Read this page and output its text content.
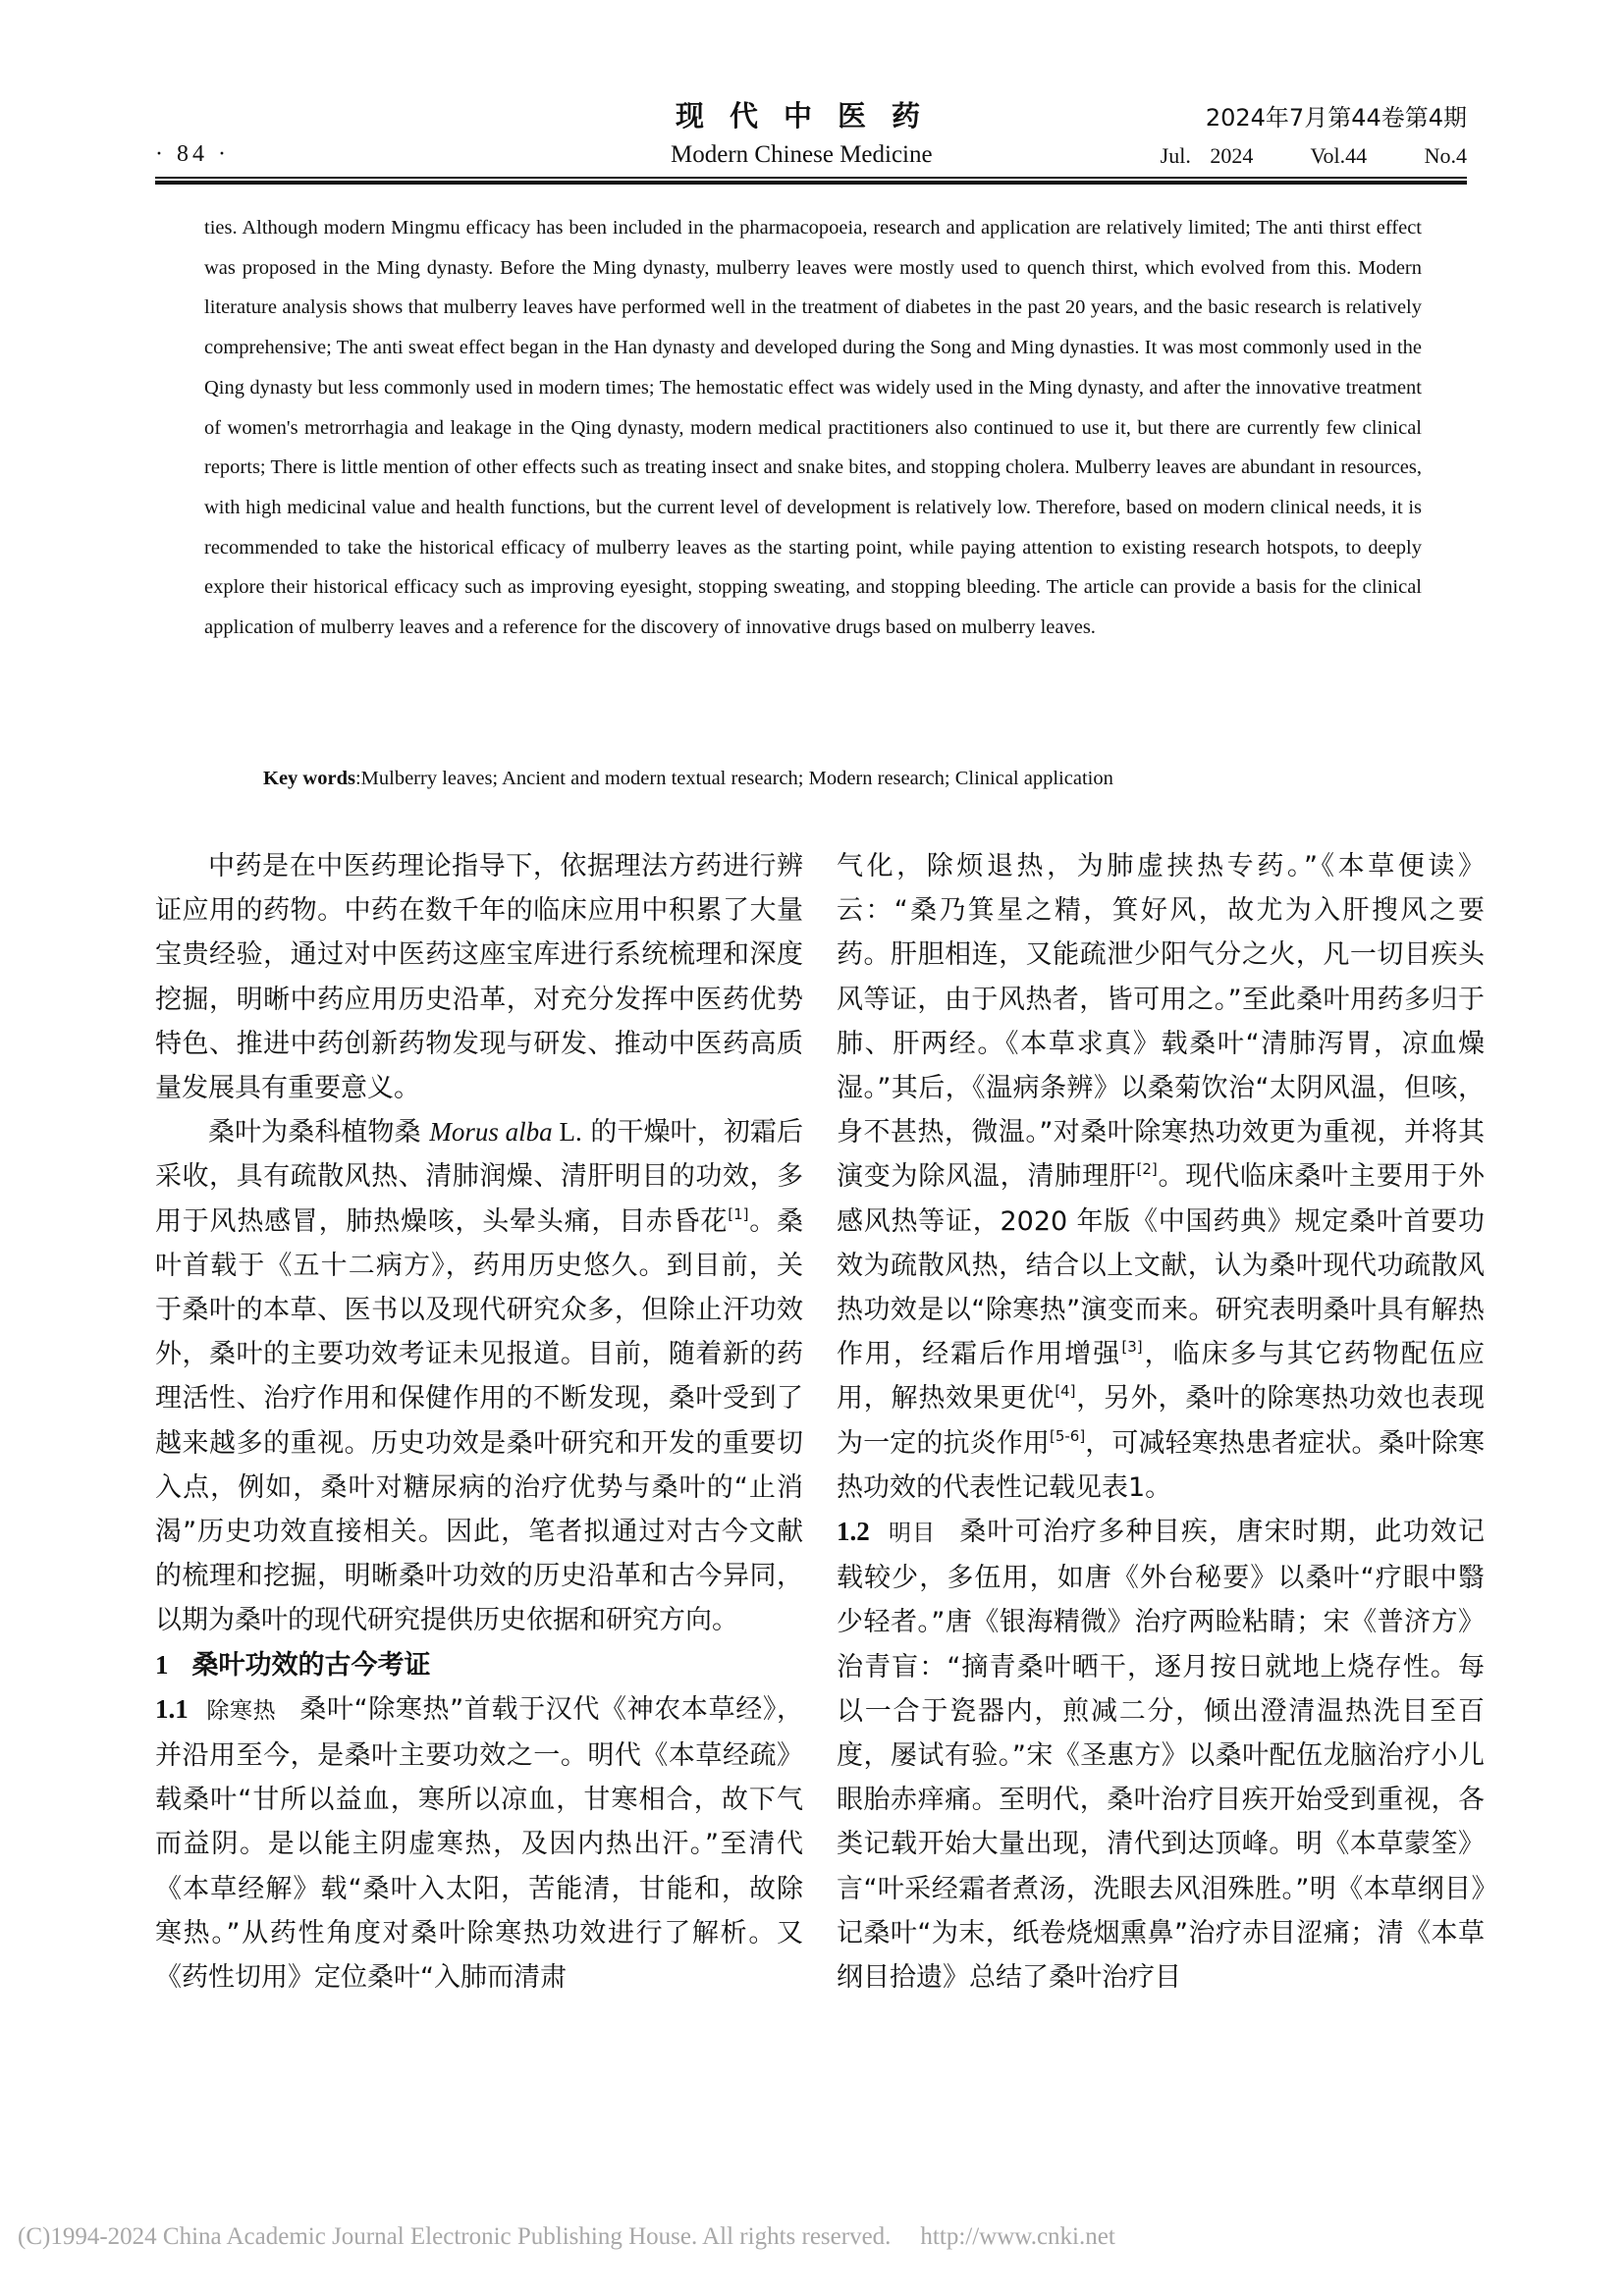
现代中医药	2024年7月第44卷第4期
· 84 ·	Modern Chinese Medicine	Jul. 2024   Vol.44   No.4

ties. Although modern Mingmu efficacy has been included in the pharmacopoeia, research and application are relatively limited; The anti thirst effect was proposed in the Ming dynasty. Before the Ming dynasty, mulberry leaves were mostly used to quench thirst, which evolved from this. Modern literature analysis shows that mulberry leaves have performed well in the treatment of diabetes in the past 20 years, and the basic research is relatively comprehensive; The anti sweat effect began in the Han dynasty and developed during the Song and Ming dynasties. It was most commonly used in the Qing dynasty but less commonly used in modern times; The hemostatic effect was widely used in the Ming dynasty, and after the innovative treatment of women's metrorrhagia and leakage in the Qing dynasty, modern medical practitioners also continued to use it, but there are currently few clinical reports; There is little mention of other effects such as treating insect and snake bites, and stopping cholera. Mulberry leaves are abundant in resources, with high medicinal value and health functions, but the current level of development is relatively low. Therefore, based on modern clinical needs, it is recommended to take the historical efficacy of mulberry leaves as the starting point, while paying attention to existing research hotspots, to deeply explore their historical efficacy such as improving eyesight, stopping sweating, and stopping bleeding. The article can provide a basis for the clinical application of mulberry leaves and a reference for the discovery of innovative drugs based on mulberry leaves.

Key words:Mulberry leaves; Ancient and modern textual research; Modern research; Clinical application

中药是在中医药理论指导下，依据理法方药进行辨证应用的药物。中药在数千年的临床应用中积累了大量宝贵经验，通过对中医药这座宝库进行系统梳理和深度挖掘，明晰中药应用历史沿革，对充分发挥中医药优势特色、推进中药创新药物发现与研发、推动中医药高质量发展具有重要意义。

桑叶为桑科植物桑 Morus alba L. 的干燥叶，初霜后采收，具有疏散风热、清肺润燥、清肝明目的功效，多用于风热感冒，肺热燥咳，头晕头痛，目赤昏花[1]。桑叶首载于《五十二病方》，药用历史悠久。到目前，关于桑叶的本草、医书以及现代研究众多，但除止汗功效外，桑叶的主要功效考证未见报道。目前，随着新的药理活性、治疗作用和保健作用的不断发现，桑叶受到了越来越多的重视。历史功效是桑叶研究和开发的重要切入点，例如，桑叶对糖尿病的治疗优势与桑叶的“止消渴”历史功效直接相关。因此，笔者拟通过对古今文献的梳理和挖掘，明晰桑叶功效的历史沿革和古今异同，以期为桑叶的现代研究提供历史依据和研究方向。

1 桑叶功效的古今考证

1.1 除寒热 桑叶“除寒热”首载于汉代《神农本草经》，并沿用至今，是桑叶主要功效之一。明代《本草经疏》载桑叶“甘所以益血，寒所以凉血，甘寒相合，故下气而益阴。是以能主阴虚寒热，及因内热出汗。”至清代《本草经解》载“桑叶入太阳，苦能清，甘能和，故除寒热。”从药性角度对桑叶除寒热功效进行了解析。又《药性切用》定位桑叶“入肺而清肃

气化，除烦退热，为肺虚挟热专药。”《本草便读》云：“桑乃箕星之精，箕好风，故尤为入肝搜风之要药。肝胆相连，又能疏泄少阳气分之火，凡一切目疾头风等证，由于风热者，皆可用之。”至此桑叶用药多归于肺、肝两经。《本草求真》载桑叶“清肺泻胃，凉血燥湿。”其后，《温病条辨》以桑菊饮治“太阴风温，但咳，身不甚热，微温。”对桑叶除寒热功效更为重视，并将其演变为除风温，清肺理肝[2]。现代临床桑叶主要用于外感风热等证，2020 年版《中国药典》规定桑叶首要功效为疏散风热，结合以上文献，认为桑叶现代功疏散风热功效是以“除寒热”演变而来。研究表明桑叶具有解热作用，经霜后作用增强[3]，临床多与其它药物配伍应用，解热效果更优[4]，另外，桑叶的除寒热功效也表现为一定的抗炎作用[5-6]，可减轻寒热患者症状。桑叶除寒热功效的代表性记载见表1。

1.2 明目 桑叶可治疗多种目疾，唐宋时期，此功效记载较少，多伍用，如唐《外台秘要》以桑叶“疗眼中翳少轻者。”唐《银海精微》治疗两睑粘睛；宋《普济方》治青盲：“摘青桑叶晒干，逐月按日就地上烧存性。每以一合于瓷器内，煎减二分，倾出澄清温热洗目至百度，屡试有验。”宋《圣惠方》以桑叶配伍龙脑治疗小儿眼胎赤痒痛。至明代，桑叶治疗目疾开始受到重视，各类记载开始大量出现，清代到达顶峰。明《本草蒙筌》言“叶采经霜者煮汤，洗眼去风泪殊胜。”明《本草纲目》记桑叶“为末，纸卷烧烟熏鼻”治疗赤目涩痛；清《本草纲目拾遗》总结了桑叶治疗目

(C)1994-2024 China Academic Journal Electronic Publishing House. All rights reserved. http://www.cnki.net
